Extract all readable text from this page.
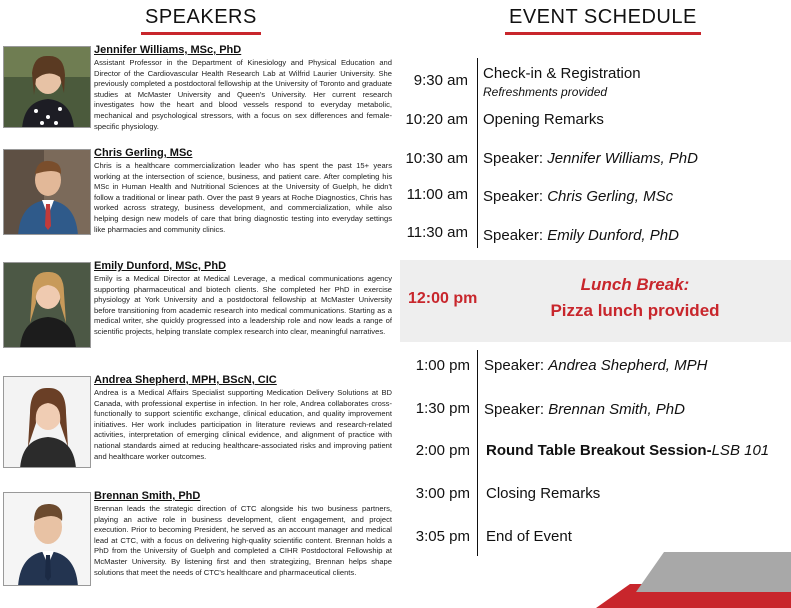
SPEAKERS	EVENT SCHEDULE
Jennifer Williams, MSc, PhD
Assistant Professor in the Department of Kinesiology and Physical Education and Director of the Cardiovascular Health Research Lab at Wilfrid Laurier University. She previously completed a postdoctoral fellowship at the University of Toronto and graduate studies at McMaster University and Queen's University. Her current research investigates how the heart and blood vessels respond to everyday metabolic, mechanical and psychological stressors, with a focus on sex differences and female-specific physiology.
Chris Gerling, MSc
Chris is a healthcare commercialization leader who has spent the past 15+ years working at the intersection of science, business, and patient care. After completing his MSc in Human Health and Nutritional Sciences at the University of Guelph, he didn't follow a traditional or linear path. Over the past 9 years at Roche Diagnostics, Chris has worked across strategy, business development, and commercialization, while also helping design new models of care that bring diagnostic testing into everyday settings like pharmacies and community clinics.
Emily Dunford, MSc, PhD
Emily is a Medical Director at Medical Leverage, a medical communications agency supporting pharmaceutical and biotech clients. She completed her PhD in exercise physiology at York University and a postdoctoral fellowship at McMaster University before transitioning from academic research into medical communications. Starting as a medical writer, she quickly progressed into a leadership role and now leads a range of scientific projects, helping translate complex research into clear, meaningful narratives.
Andrea Shepherd, MPH, BScN, CIC
Andrea is a Medical Affairs Specialist supporting Medication Delivery Solutions at BD Canada, with professional expertise in infection. In her role, Andrea collaborates cross-functionally to support scientific exchange, clinical education, and quality improvement initiatives. Her work includes participation in literature reviews and research-related activities, interpretation of emerging clinical evidence, and alignment of practice with national standards aimed at reducing healthcare-associated risks and improving patient and healthcare worker outcomes.
Brennan Smith, PhD
Brennan leads the strategic direction of CTC alongside his two business partners, playing an active role in business development, client engagement, and project execution. Prior to becoming President, he served as an account manager and medical lead at CTC, with a focus on delivering high-quality scientific content. Brennan holds a PhD from the University of Guelph and completed a CIHR Postdoctoral Fellowship at McMaster University. By listening first and then strategizing, Brennan helps shape solutions that meet the needs of CTC's healthcare and pharmaceutical clients.
9:30 am Check-in & Registration
Refreshments provided
10:20 am Opening Remarks
10:30 am Speaker: Jennifer Williams, PhD
11:00 am Speaker: Chris Gerling, MSc
11:30 am Speaker: Emily Dunford, PhD
12:00 pm
Lunch Break:
Pizza lunch provided
1:00 pm Speaker: Andrea Shepherd, MPH
1:30 pm Speaker: Brennan Smith, PhD
2:00 pm Round Table Breakout Session-LSB 101
3:00 pm Closing Remarks
3:05 pm End of Event
